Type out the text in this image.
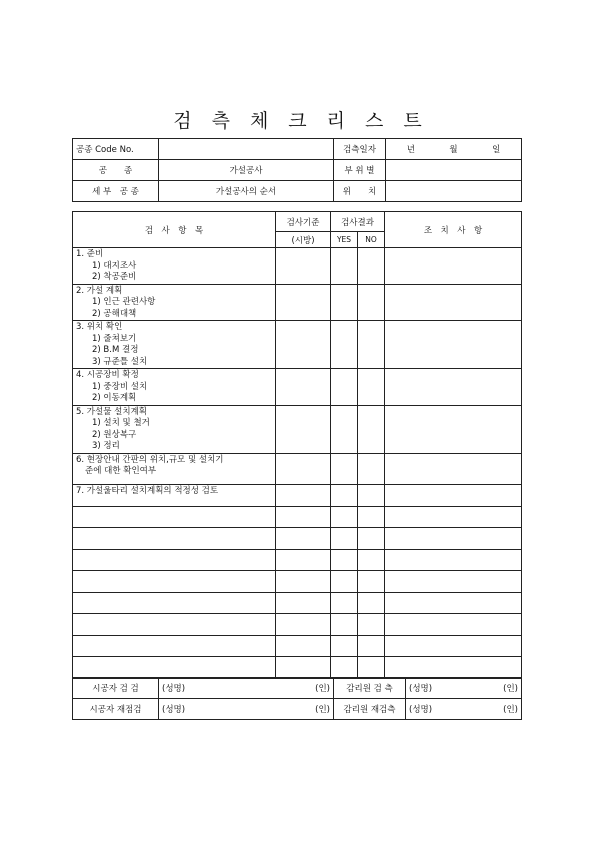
검측체크리스트
공종 Code No.		검측일자	년 월 일
공　　종	가설공사	부 위 별	
세 부　공 종	가설공사의 순서	위　　치	
검　사　항　목	검사기준	검사결과		조　치　사　항
	(시방)	YES	NO	

1. 준비
1) 대지조사
2) 착공준비				

2. 가설 계획
1) 인근 관련사항
2) 공해대책				

3. 위치 확인
1) 줄쳐보기
2) B.M 결정
3) 규준틀 설치				

4. 시공장비 확정
1) 중장비 설치
2) 이동계획				

5. 가설물 설치계획
1) 설치 및 철거
2) 원상복구
3) 정리				

6. 현장안내 간판의 위치,규모 및 설치기
준에 대한 확인여부				

7. 가설울타리 설치계획의 적정성 검토				

시공자 검 검	(성명)	(인)	감리원 검 측	(성명)	(인)
시공자 재점검	(성명)	(인)	감리원 재검측	(성명)	(인)
